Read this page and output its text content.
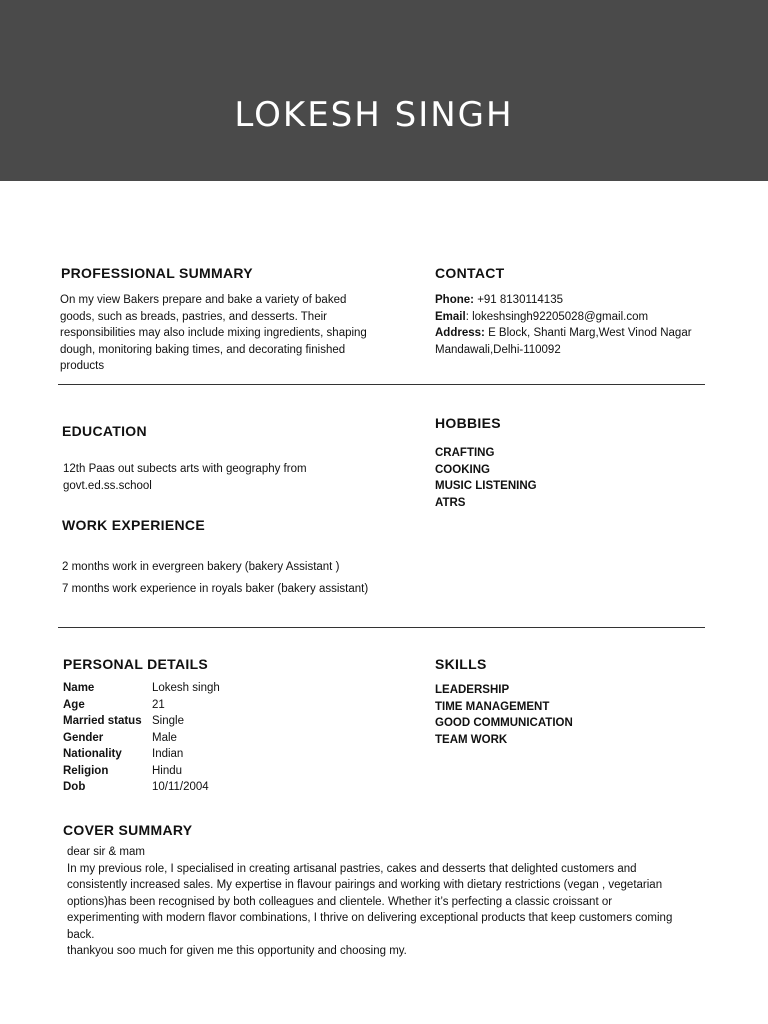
LOKESH SINGH
PROFESSIONAL SUMMARY
On my view Bakers prepare and bake a variety of baked goods, such as breads, pastries, and desserts. Their responsibilities may also include mixing ingredients, shaping dough, monitoring baking times, and decorating finished products
CONTACT
Phone: +91 8130114135
Email: lokeshsingh92205028@gmail.com
Address: E Block, Shanti Marg,West Vinod Nagar Mandawali,Delhi-110092
EDUCATION
12th Paas out subects arts with geography from govt.ed.ss.school
HOBBIES
CRAFTING
COOKING
MUSIC LISTENING
ATRS
WORK EXPERIENCE
2 months work in evergreen bakery (bakery Assistant )
7 months work experience in royals baker (bakery assistant)
PERSONAL DETAILS
Name	Lokesh singh
Age	21
Married status Single
Gender	Male
Nationality	Indian
Religion	Hindu
Dob	10/11/2004
SKILLS
LEADERSHIP
TIME MANAGEMENT
GOOD COMMUNICATION
TEAM WORK
COVER SUMMARY

dear sir & mam

In my previous role, I specialised in creating artisanal pastries, cakes and desserts that delighted customers and consistently increased sales. My expertise in flavour pairings and working with dietary restrictions (vegan , vegetarian options)has been recognised by both colleagues and clientele. Whether it’s perfecting a classic croissant or experimenting with modern flavor combinations, I thrive on delivering exceptional products that keep customers coming back.

thankyou soo much for given me this opportunity and choosing my.
